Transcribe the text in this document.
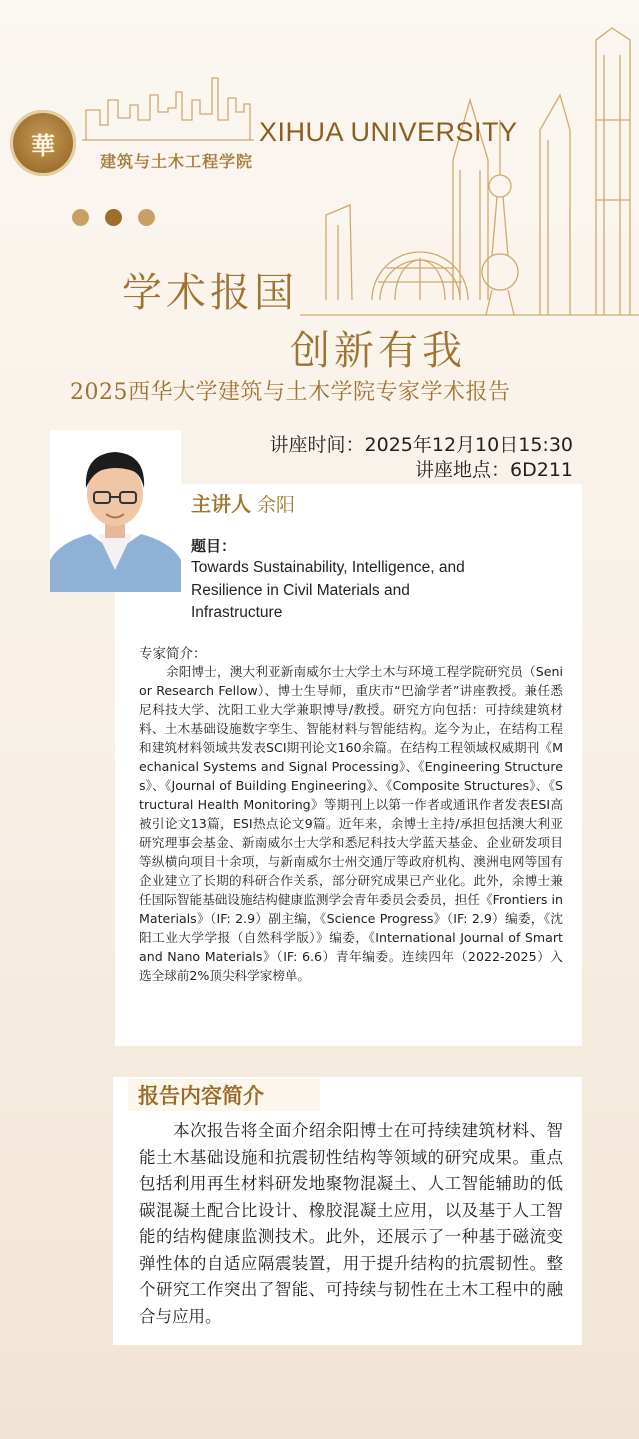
華
建筑与土木工程学院
XIHUA UNIVERSITY
学术报国
创新有我
2025西华大学建筑与土木学院专家学术报告
讲座时间：2025年12月10日15:30
讲座地点：6D211
主讲人 余阳
题目：
Towards Sustainability, Intelligence, and Resilience in Civil Materials and Infrastructure
专家简介：
余阳博士，澳大利亚新南威尔士大学土木与环境工程学院研究员（Senior Research Fellow）、博士生导师，重庆市“巴渝学者”讲座教授。兼任悉尼科技大学、沈阳工业大学兼职博导/教授。研究方向包括：可持续建筑材料、土木基础设施数字孪生、智能材料与智能结构。迄今为止，在结构工程和建筑材料领域共发表SCI期刊论文160余篇。在结构工程领域权威期刊《Mechanical Systems and Signal Processing》、《Engineering Structures》、《Journal of Building Engineering》、《Composite Structures》、《Structural Health Monitoring》等期刊上以第一作者或通讯作者发表ESI高被引论文13篇，ESI热点论文9篇。近年来，余博士主持/承担包括澳大利亚研究理事会基金、新南威尔士大学和悉尼科技大学蓝天基金、企业研发项目等纵横向项目十余项，与新南威尔士州交通厅等政府机构、澳洲电网等国有企业建立了长期的科研合作关系，部分研究成果已产业化。此外，余博士兼任国际智能基础设施结构健康监测学会青年委员会委员，担任《Frontiers in Materials》（IF: 2.9）副主编，《Science Progress》（IF: 2.9）编委，《沈阳工业大学学报（自然科学版）》编委，《International Journal of Smart and Nano Materials》（IF: 6.6）青年编委。连续四年（2022-2025）入选全球前2%顶尖科学家榜单。
报告内容简介
本次报告将全面介绍余阳博士在可持续建筑材料、智能土木基础设施和抗震韧性结构等领域的研究成果。重点包括利用再生材料研发地聚物混凝土、人工智能辅助的低碳混凝土配合比设计、橡胶混凝土应用，以及基于人工智能的结构健康监测技术。此外，还展示了一种基于磁流变弹性体的自适应隔震装置，用于提升结构的抗震韧性。整个研究工作突出了智能、可持续与韧性在土木工程中的融合与应用。
